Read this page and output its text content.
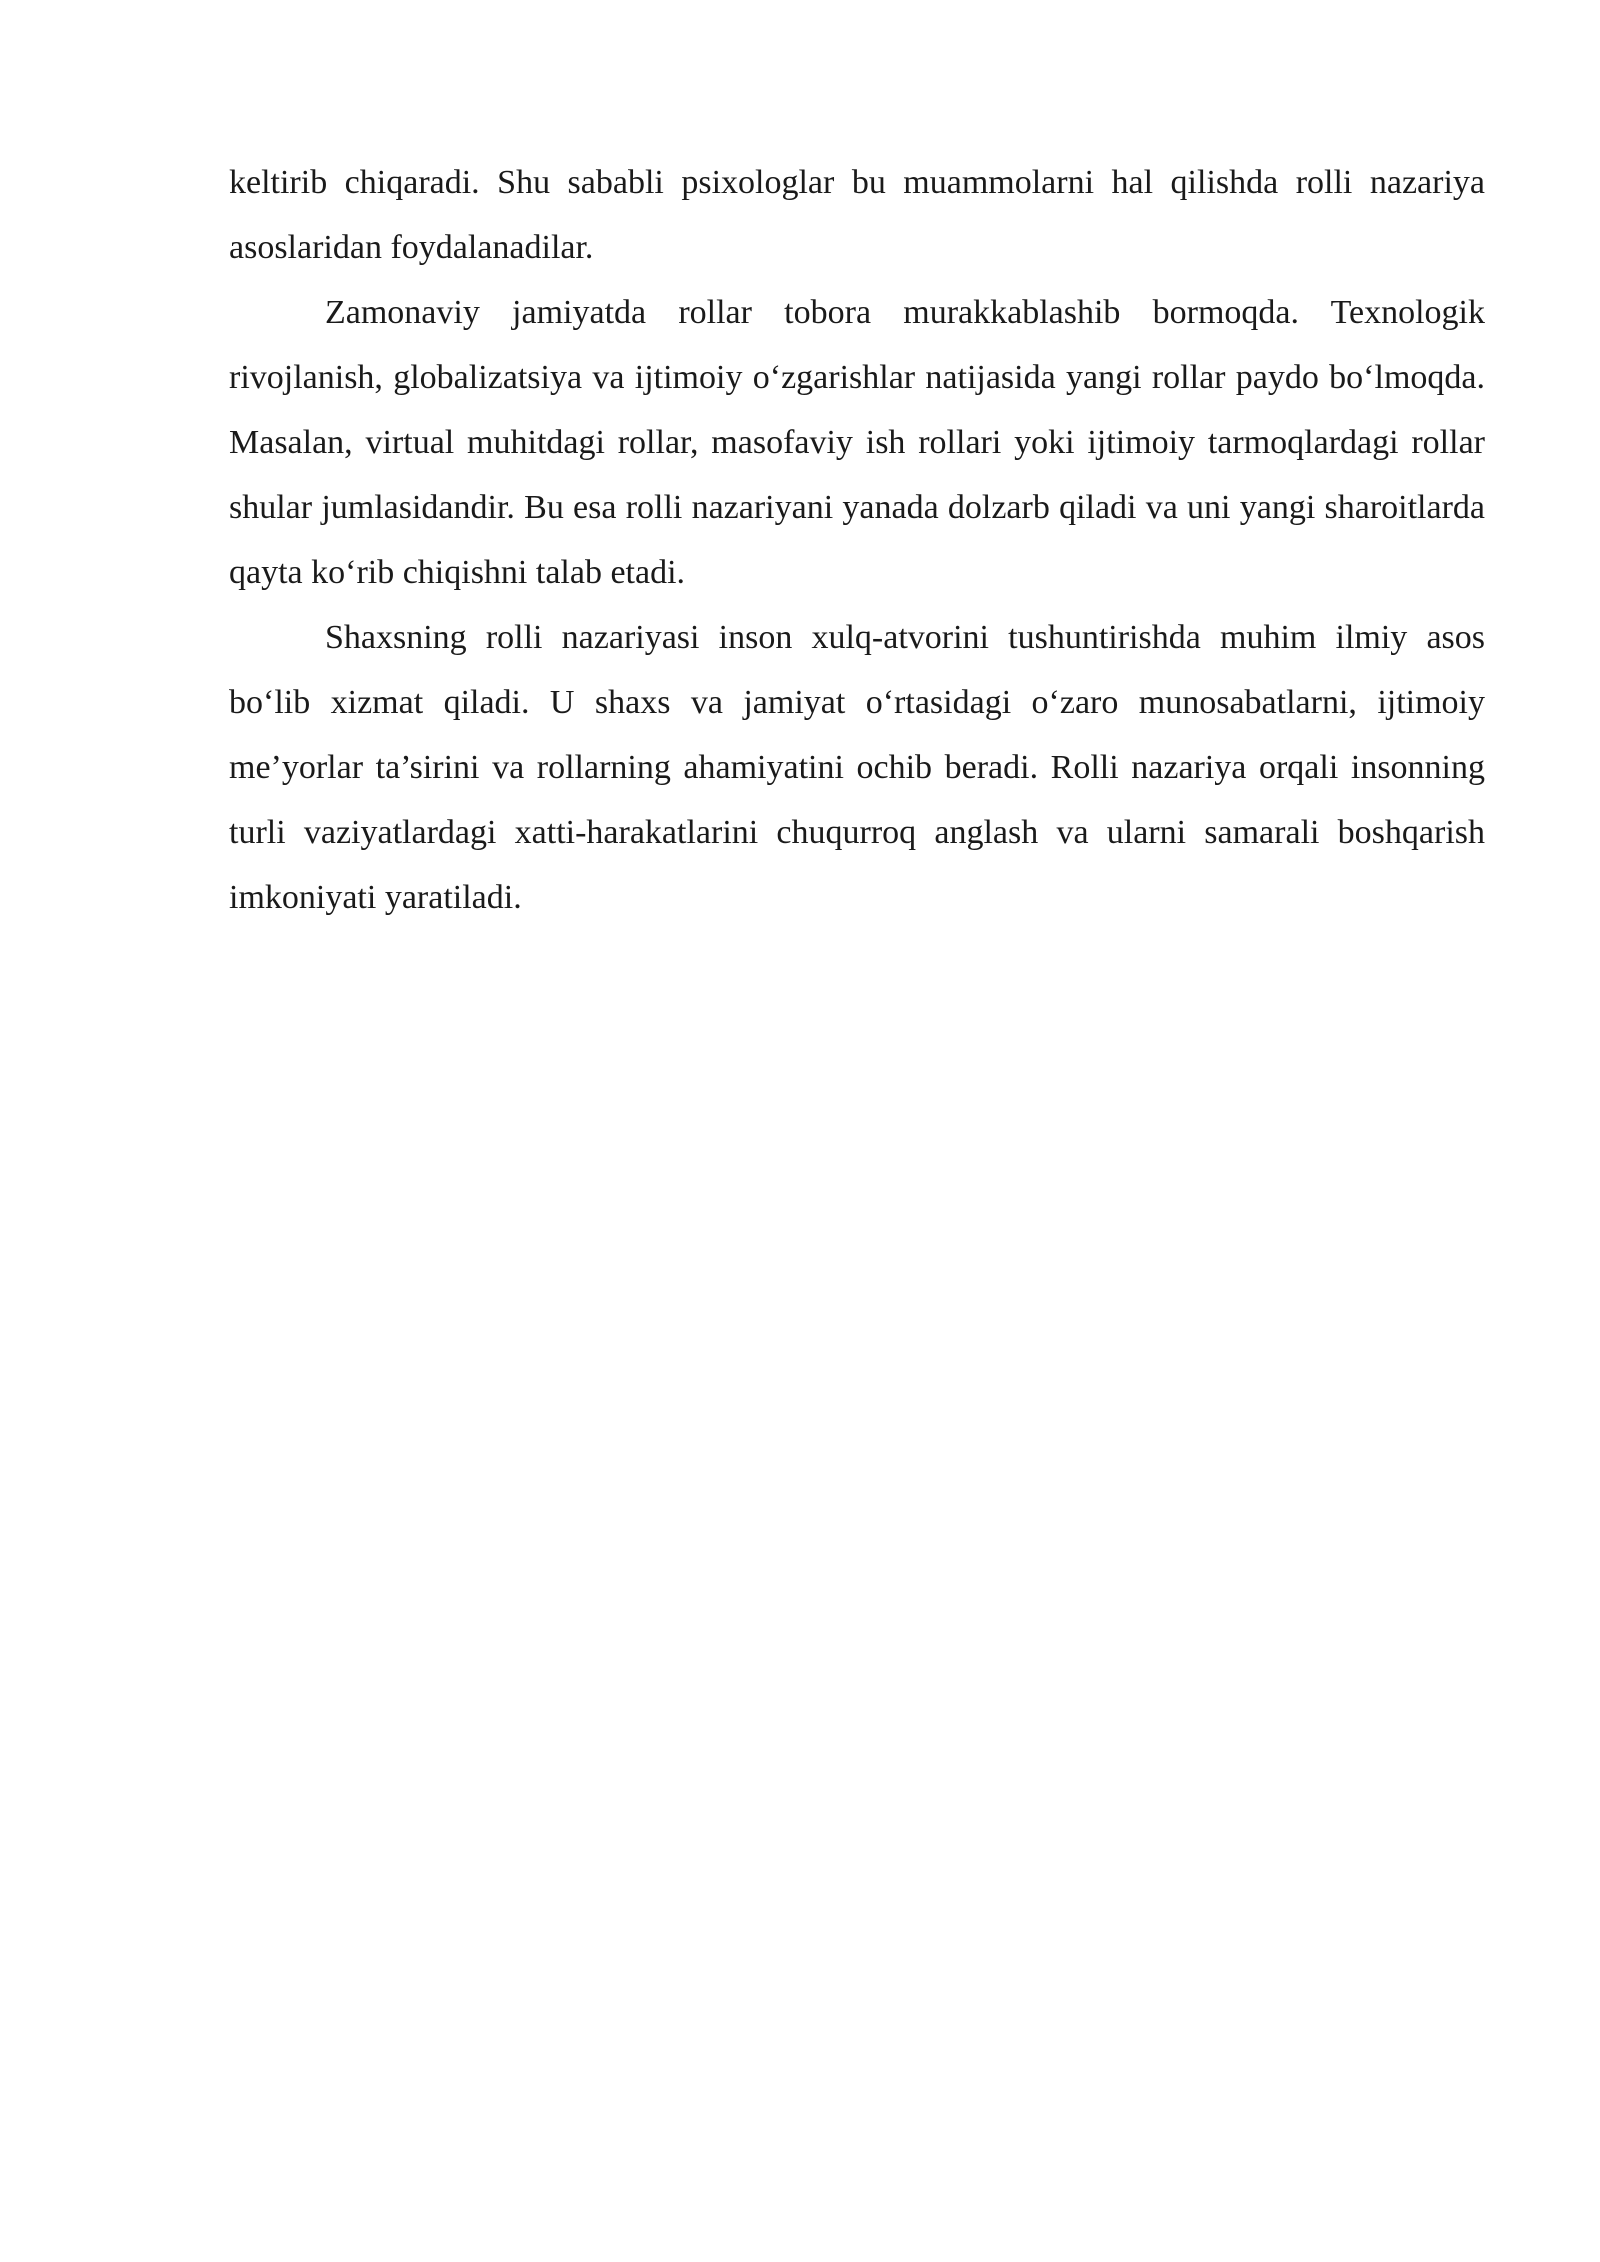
keltirib chiqaradi. Shu sababli psixologlar bu muammolarni hal qilishda rolli nazariya asoslaridan foydalanadilar.

Zamonaviy jamiyatda rollar tobora murakkablashib bormoqda. Texnologik rivojlanish, globalizatsiya va ijtimoiy o‘zgarishlar natijasida yangi rollar paydo bo‘lmoqda. Masalan, virtual muhitdagi rollar, masofaviy ish rollari yoki ijtimoiy tarmoqlardagi rollar shular jumlasidandir. Bu esa rolli nazariyani yanada dolzarb qiladi va uni yangi sharoitlarda qayta ko‘rib chiqishni talab etadi.

Shaxsning rolli nazariyasi inson xulq-atvorini tushuntirishda muhim ilmiy asos bo‘lib xizmat qiladi. U shaxs va jamiyat o‘rtasidagi o‘zaro munosabatlarni, ijtimoiy me’yorlar ta’sirini va rollarning ahamiyatini ochib beradi. Rolli nazariya orqali insonning turli vaziyatlardagi xatti-harakatlarini chuqurroq anglash va ularni samarali boshqarish imkoniyati yaratiladi.
